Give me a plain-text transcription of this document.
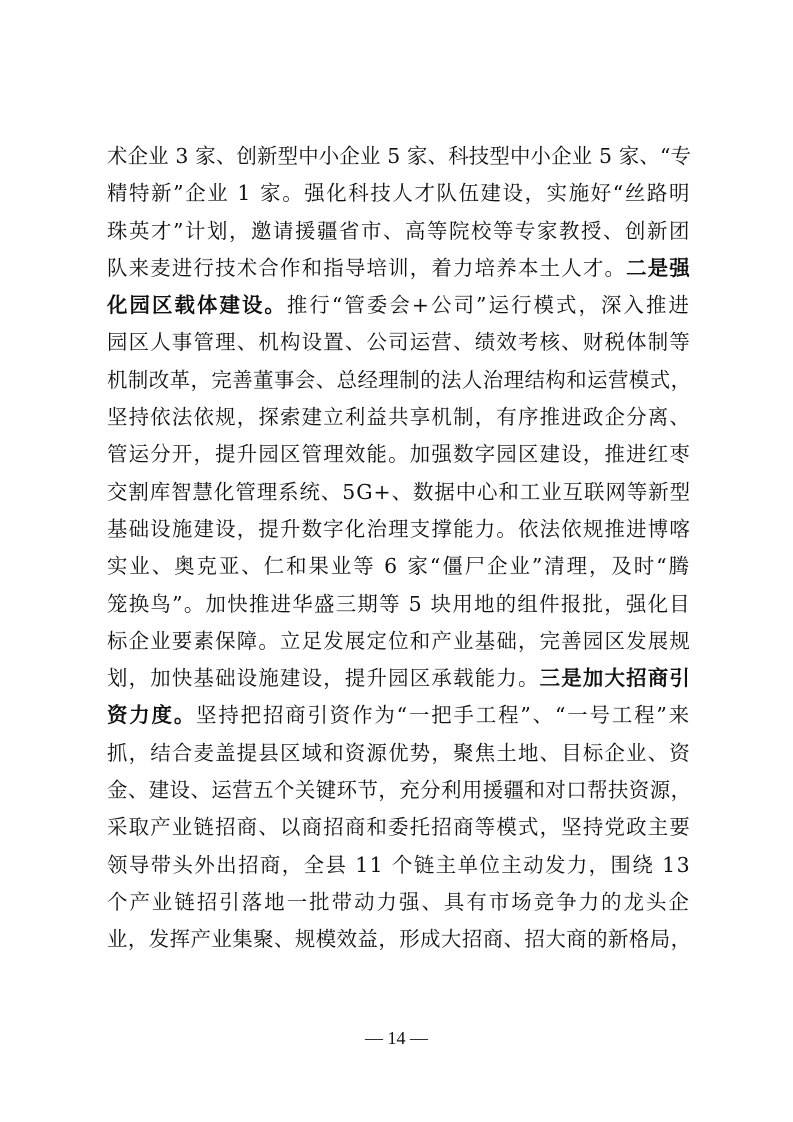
术企业 3 家、创新型中小企业 5 家、科技型中小企业 5 家、“专
精特新”企业 1 家。强化科技人才队伍建设，实施好“丝路明
珠英才”计划，邀请援疆省市、高等院校等专家教授、创新团
队来麦进行技术合作和指导培训，着力培养本土人才。二是强
化园区载体建设。推行“管委会+公司”运行模式，深入推进
园区人事管理、机构设置、公司运营、绩效考核、财税体制等
机制改革，完善董事会、总经理制的法人治理结构和运营模式，
坚持依法依规，探索建立利益共享机制，有序推进政企分离、
管运分开，提升园区管理效能。加强数字园区建设，推进红枣
交割库智慧化管理系统、5G+、数据中心和工业互联网等新型
基础设施建设，提升数字化治理支撑能力。依法依规推进博喀
实业、奥克亚、仁和果业等 6 家“僵尸企业”清理，及时“腾
笼换鸟”。加快推进华盛三期等 5 块用地的组件报批，强化目
标企业要素保障。立足发展定位和产业基础，完善园区发展规
划，加快基础设施建设，提升园区承载能力。三是加大招商引
资力度。坚持把招商引资作为“一把手工程”、“一号工程”来
抓，结合麦盖提县区域和资源优势，聚焦土地、目标企业、资
金、建设、运营五个关键环节，充分利用援疆和对口帮扶资源，
采取产业链招商、以商招商和委托招商等模式，坚持党政主要
领导带头外出招商，全县 11 个链主单位主动发力，围绕 13
个产业链招引落地一批带动力强、具有市场竞争力的龙头企
业，发挥产业集聚、规模效益，形成大招商、招大商的新格局，
— 14 —
